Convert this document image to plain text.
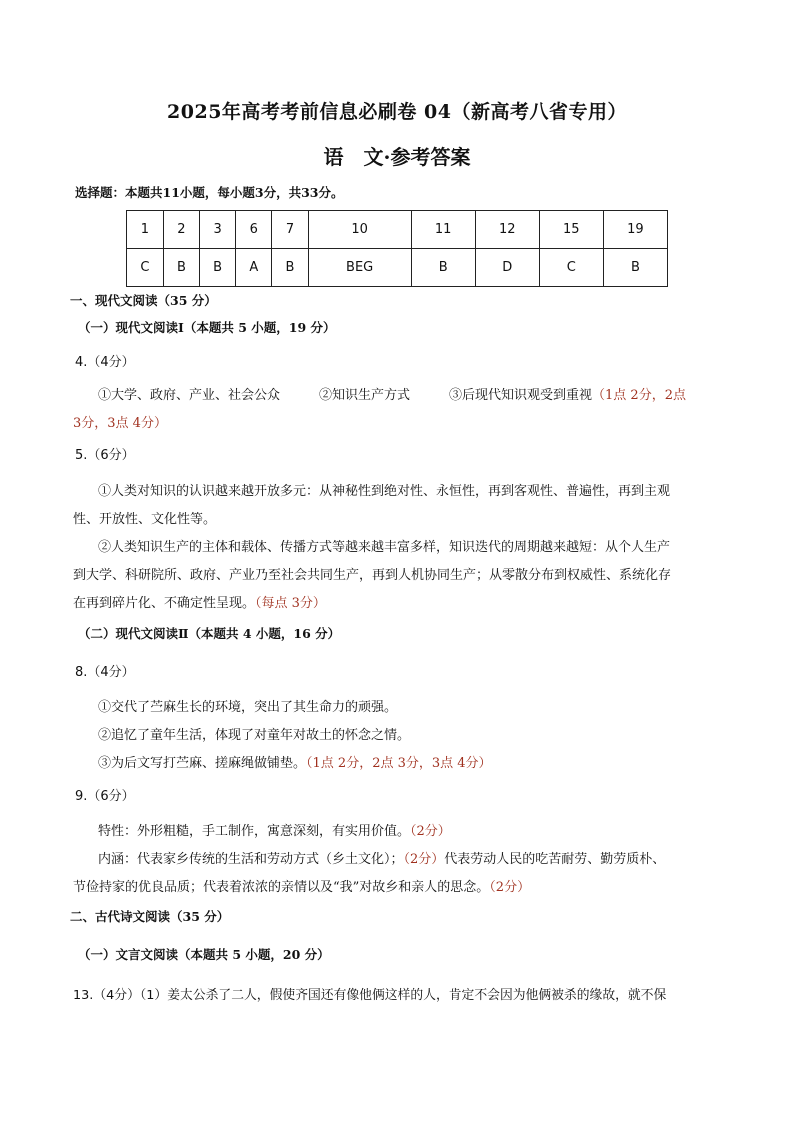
2025年高考考前信息必刷卷 04（新高考八省专用）
语　文·参考答案
选择题：本题共11小题，每小题3分，共33分。
1	2	3	6	7	10	11	12	15	19
C	B	B	A	B	BEG	B	D	C	B
一、现代文阅读（35 分）
（一）现代文阅读Ⅰ（本题共 5 小题，19 分）
4.（4分）
①大学、政府、产业、社会公众　　　②知识生产方式　　　③后现代知识观受到重视（1点 2分，2点
3分，3点 4分）
5.（6分）
①人类对知识的认识越来越开放多元：从神秘性到绝对性、永恒性，再到客观性、普遍性，再到主观
性、开放性、文化性等。
②人类知识生产的主体和载体、传播方式等越来越丰富多样，知识迭代的周期越来越短：从个人生产
到大学、科研院所、政府、产业乃至社会共同生产，再到人机协同生产；从零散分布到权威性、系统化存
在再到碎片化、不确定性呈现。（每点 3分）
（二）现代文阅读Ⅱ（本题共 4 小题，16 分）
8.（4分）
①交代了苎麻生长的环境，突出了其生命力的顽强。
②追忆了童年生活，体现了对童年对故土的怀念之情。
③为后文写打苎麻、搓麻绳做铺垫。（1点 2分，2点 3分，3点 4分）
9.（6分）
特性：外形粗糙，手工制作，寓意深刻，有实用价值。（2分）
内涵：代表家乡传统的生活和劳动方式（乡土文化）；（2分）代表劳动人民的吃苦耐劳、勤劳质朴、
节俭持家的优良品质；代表着浓浓的亲情以及“我”对故乡和亲人的思念。（2分）
二、古代诗文阅读（35 分）
（一）文言文阅读（本题共 5 小题，20 分）
13.（4分）（1）姜太公杀了二人，假使齐国还有像他俩这样的人，肯定不会因为他俩被杀的缘故，就不保
